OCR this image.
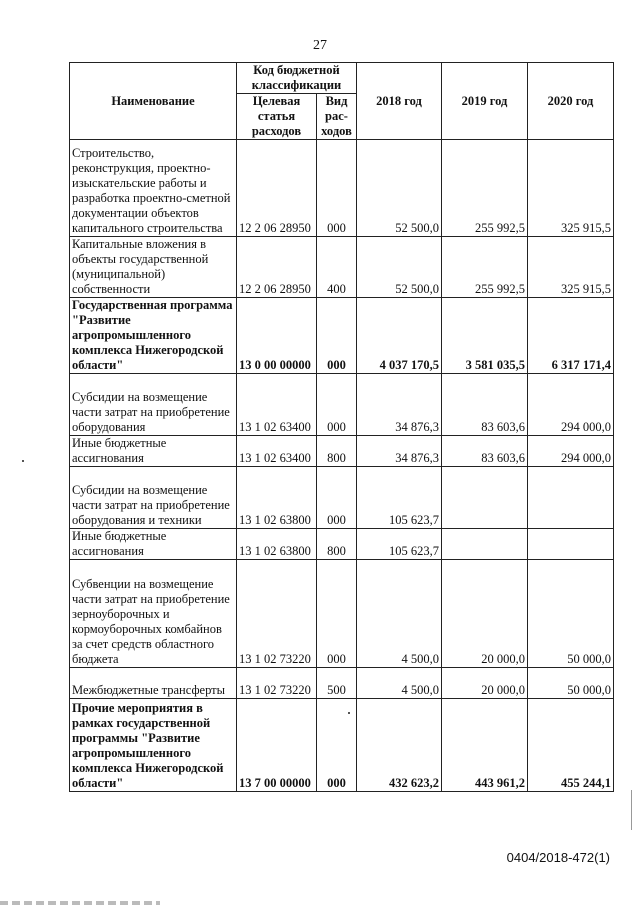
27
Наименование	Код бюджетной классификации		2018 год	2019 год	2020 год
	Целевая статья расходов	Вид рас-ходов			
Строительство, реконструкция, проектно-изыскательские работы и разработка проектно-сметной документации объектов капитального строительства	12 2 06 28950	000	52 500,0	255 992,5	325 915,5
Капитальные вложения в объекты государственной (муниципальной) собственности	12 2 06 28950	400	52 500,0	255 992,5	325 915,5
Государственная программа "Развитие агропромышленного комплекса Нижегородской области"	13 0 00 00000	000	4 037 170,5	3 581 035,5	6 317 171,4
Субсидии на возмещение части затрат на приобретение оборудования	13 1 02 63400	000	34 876,3	83 603,6	294 000,0
Иные бюджетные ассигнования	13 1 02 63400	800	34 876,3	83 603,6	294 000,0
Субсидии на возмещение части затрат на приобретение оборудования и техники	13 1 02 63800	000	105 623,7		
Иные бюджетные ассигнования	13 1 02 63800	800	105 623,7		
Субвенции на возмещение части затрат на приобретение зерноуборочных и кормоуборочных комбайнов за счет средств областного бюджета	13 1 02 73220	000	4 500,0	20 000,0	50 000,0
Межбюджетные трансферты	13 1 02 73220	500	4 500,0	20 000,0	50 000,0
Прочие мероприятия в рамках государственной программы "Развитие агропромышленного комплекса Нижегородской области"	13 7 00 00000	000	432 623,2	443 961,2	455 244,1
0404/2018-472(1)
